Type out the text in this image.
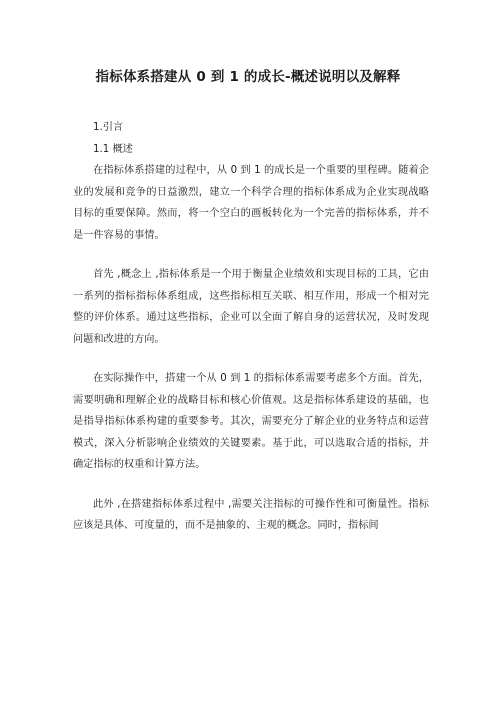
指标体系搭建从 0 到 1 的成长-概述说明以及解释

1.引言

1.1 概述

在指标体系搭建的过程中，从 0 到 1 的成长是一个重要的里程碑。随着企业的发展和竞争的日益激烈，建立一个科学合理的指标体系成为企业实现战略目标的重要保障。然而，将一个空白的画板转化为一个完善的指标体系，并不是一件容易的事情。

首先 ,概念上 ,指标体系是一个用于衡量企业绩效和实现目标的工具，它由一系列的指标指标体系组成，这些指标相互关联、相互作用，形成一个相对完整的评价体系。通过这些指标，企业可以全面了解自身的运营状况，及时发现问题和改进的方向。

在实际操作中，搭建一个从 0 到 1 的指标体系需要考虑多个方面。首先，需要明确和理解企业的战略目标和核心价值观。这是指标体系建设的基础，也是指导指标体系构建的重要参考。其次，需要充分了解企业的业务特点和运营模式，深入分析影响企业绩效的关键要素。基于此，可以选取合适的指标，并确定指标的权重和计算方法。

此外 ,在搭建指标体系过程中 ,需要关注指标的可操作性和可衡量性。指标应该是具体、可度量的，而不是抽象的、主观的概念。同时，指标间
